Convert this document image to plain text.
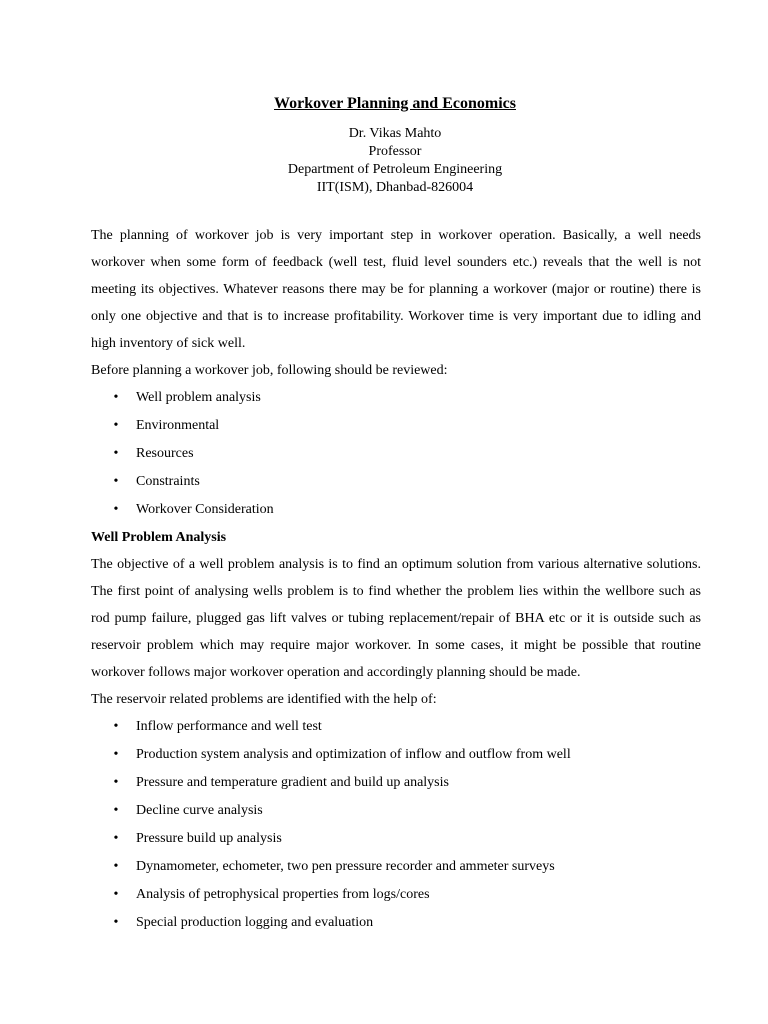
Workover Planning and Economics
Dr. Vikas Mahto
Professor
Department of Petroleum Engineering
IIT(ISM), Dhanbad-826004

The planning of workover job is very important step in workover operation. Basically, a well needs workover when some form of feedback (well test, fluid level sounders etc.) reveals that the well is not meeting its objectives. Whatever reasons there may be for planning a workover (major or routine) there is only one objective and that is to increase profitability. Workover time is very important due to idling and high inventory of sick well.

Before planning a workover job, following should be reviewed:

• Well problem analysis
• Environmental
• Resources
• Constraints
• Workover Consideration

Well Problem Analysis

The objective of a well problem analysis is to find an optimum solution from various alternative solutions. The first point of analysing wells problem is to find whether the problem lies within the wellbore such as rod pump failure, plugged gas lift valves or tubing replacement/repair of BHA etc or it is outside such as reservoir problem which may require major workover. In some cases, it might be possible that routine workover follows major workover operation and accordingly planning should be made.

The reservoir related problems are identified with the help of:

• Inflow performance and well test
• Production system analysis and optimization of inflow and outflow from well
• Pressure and temperature gradient and build up analysis
• Decline curve analysis
• Pressure build up analysis
• Dynamometer, echometer, two pen pressure recorder and ammeter surveys
• Analysis of petrophysical properties from logs/cores
• Special production logging and evaluation
